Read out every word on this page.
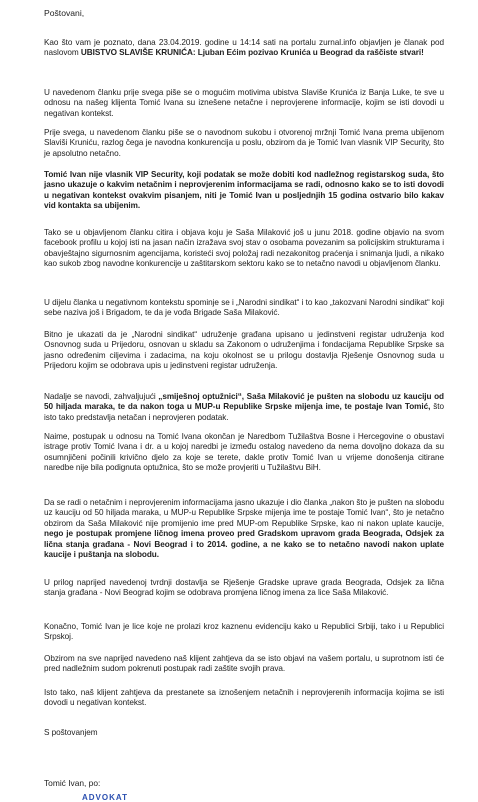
Poštovani,

Kao što vam je poznato, dana 23.04.2019. godine u 14:14 sati na portalu zurnal.info objavljen je članak pod naslovom UBISTVO SLAVIŠE KRUNIĆA: Ljuban Ećim pozivao Krunića u Beograd da raščiste stvari!

U navedenom članku prije svega piše se o mogućim motivima ubistva Slaviše Krunića iz Banja Luke, te sve u odnosu na našeg klijenta Tomić Ivana su iznešene netačne i neprovjerene informacije, kojim se isti dovodi u negativan kontekst.

Prije svega, u navedenom članku piše se o navodnom sukobu i otvorenoj mržnji Tomić Ivana prema ubijenom Slaviši Kruniću, razlog čega je navodna konkurencija u poslu, obzirom da je Tomić Ivan vlasnik VIP Security, što je apsolutno netačno.

Tomić Ivan nije vlasnik VIP Security, koji podatak se može dobiti kod nadležnog registarskog suda, što jasno ukazuje o kakvim netačnim i neprovjerenim informacijama se radi, odnosno kako se to isti dovodi u negativan kontekst ovakvim pisanjem, niti je Tomić Ivan u posljednjih 15 godina ostvario bilo kakav vid kontakta sa ubijenim.

Tako se u objavljenom članku citira i objava koju je Saša Milaković još u junu 2018. godine objavio na svom facebook profilu u kojoj isti na jasan način izražava svoj stav o osobama povezanim sa policijskim strukturama i obavještajno sigurnosnim agencijama, koristeći svoj položaj radi nezakonitog praćenja i snimanja ljudi, a nikako kao sukob zbog navodne konkurencije u zaštitarskom sektoru kako se to netačno navodi u objavljenom članku.

U dijelu članka u negativnom kontekstu spominje se i „Narodni sindikat“ i to kao „takozvani Narodni sindikat“ koji sebe naziva još i Brigadom, te da je vođa Brigade Saša Milaković.

Bitno je ukazati da je „Narodni sindikat“ udruženje građana upisano u jedinstveni registar udruženja kod Osnovnog suda u Prijedoru, osnovan u skladu sa Zakonom o udruženjima i fondacijama Republike Srpske sa jasno određenim ciljevima i zadacima, na koju okolnost se u prilogu dostavlja Rješenje Osnovnog suda u Prijedoru kojim se odobrava upis u jedinstveni registar udruženja.

Nadalje se navodi, zahvaljujući „smiješnoj optužnici“, Saša Milaković je pušten na slobodu uz kauciju od 50 hiljada maraka, te da nakon toga u MUP-u Republike Srpske mijenja ime, te postaje Ivan Tomić, što isto tako predstavlja netačan i neprovjeren podatak.

Naime, postupak u odnosu na Tomić Ivana okončan je Naredbom Tužilaštva Bosne i Hercegovine o obustavi istrage protiv Tomić Ivana i dr. a u kojoj naredbi je između ostalog navedeno da nema dovoljno dokaza da su osumnjičeni počinili krivično djelo za koje se terete, dakle protiv Tomić Ivan u vrijeme donošenja citirane naredbe nije bila podignuta optužnica, što se može provjeriti u Tužilaštvu BiH.

Da se radi o netačnim i neprovjerenim informacijama jasno ukazuje i dio članka „nakon što je pušten na slobodu uz kauciju od 50 hiljada maraka, u MUP-u Republike Srpske mijenja ime te postaje Tomić Ivan“, što je netačno obzirom da Saša Milaković nije promijenio ime pred MUP-om Republike Srpske, kao ni nakon uplate kaucije, nego je postupak promjene ličnog imena proveo pred Gradskom upravom grada Beograda, Odsjek za lična stanja građana - Novi Beograd i to 2014. godine, a ne kako se to netačno navodi nakon uplate kaucije i puštanja na slobodu.

U prilog naprijed navedenoj tvrdnji dostavlja se Rješenje Gradske uprave grada Beograda, Odsjek za lična stanja građana - Novi Beograd kojim se odobrava promjena ličnog imena za lice Saša Milaković.

Konačno, Tomić Ivan je lice koje ne prolazi kroz kaznenu evidenciju kako u Republici Srbiji, tako i u Republici Srpskoj.

Obzirom na sve naprijed navedeno naš klijent zahtjeva da se isto objavi na vašem portalu, u suprotnom isti će pred nadležnim sudom pokrenuti postupak radi zaštite svojih prava.

Isto tako, naš klijent zahtjeva da prestanete sa iznošenjem netačnih i neprovjerenih informacija kojima se isti dovodi u negativan kontekst.

S poštovanjem

Tomić Ivan, po:

ADVOKAT
